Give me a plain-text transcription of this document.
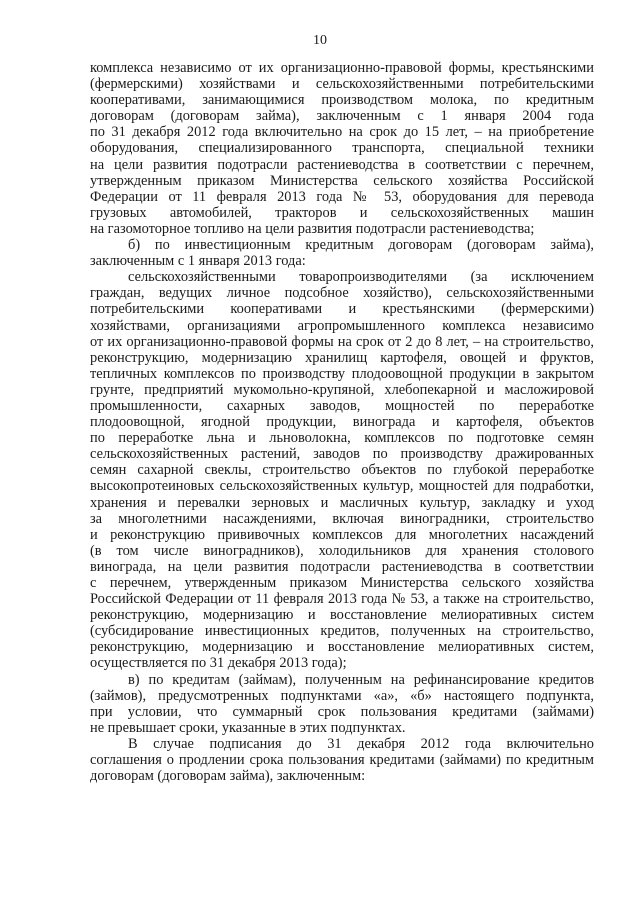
10
комплекса независимо от их организационно-правовой формы, крестьянскими
(фермерскими) хозяйствами и сельскохозяйственными потребительскими
кооперативами, занимающимися производством молока, по кредитным
договорам (договорам займа), заключенным с 1 января 2004 года
по 31 декабря 2012 года включительно на срок до 15 лет, – на приобретение
оборудования, специализированного транспорта, специальной техники
на цели развития подотрасли растениеводства в соответствии с перечнем,
утвержденным приказом Министерства сельского хозяйства Российской
Федерации от 11 февраля 2013 года № 53, оборудования для перевода
грузовых автомобилей, тракторов и сельскохозяйственных машин
на газомоторное топливо на цели развития подотрасли растениеводства;
б) по инвестиционным кредитным договорам (договорам займа),
заключенным с 1 января 2013 года:
сельскохозяйственными товаропроизводителями (за исключением
граждан, ведущих личное подсобное хозяйство), сельскохозяйственными
потребительскими кооперативами и крестьянскими (фермерскими)
хозяйствами, организациями агропромышленного комплекса независимо
от их организационно-правовой формы на срок от 2 до 8 лет, – на строительство,
реконструкцию, модернизацию хранилищ картофеля, овощей и фруктов,
тепличных комплексов по производству плодоовощной продукции в закрытом
грунте, предприятий мукомольно-крупяной, хлебопекарной и масложировой
промышленности, сахарных заводов, мощностей по переработке
плодоовощной, ягодной продукции, винограда и картофеля, объектов
по переработке льна и льноволокна, комплексов по подготовке семян
сельскохозяйственных растений, заводов по производству дражированных
семян сахарной свеклы, строительство объектов по глубокой переработке
высокопротеиновых сельскохозяйственных культур, мощностей для подработки,
хранения и перевалки зерновых и масличных культур, закладку и уход
за многолетними насаждениями, включая виноградники, строительство
и реконструкцию прививочных комплексов для многолетних насаждений
(в том числе виноградников), холодильников для хранения столового
винограда, на цели развития подотрасли растениеводства в соответствии
с перечнем, утвержденным приказом Министерства сельского хозяйства
Российской Федерации от 11 февраля 2013 года № 53, а также на строительство,
реконструкцию, модернизацию и восстановление мелиоративных систем
(субсидирование инвестиционных кредитов, полученных на строительство,
реконструкцию, модернизацию и восстановление мелиоративных систем,
осуществляется по 31 декабря 2013 года);
в) по кредитам (займам), полученным на рефинансирование кредитов
(займов), предусмотренных подпунктами «а», «б» настоящего подпункта,
при условии, что суммарный срок пользования кредитами (займами)
не превышает сроки, указанные в этих подпунктах.
В случае подписания до 31 декабря 2012 года включительно
соглашения о продлении срока пользования кредитами (займами) по кредитным
договорам (договорам займа), заключенным:
